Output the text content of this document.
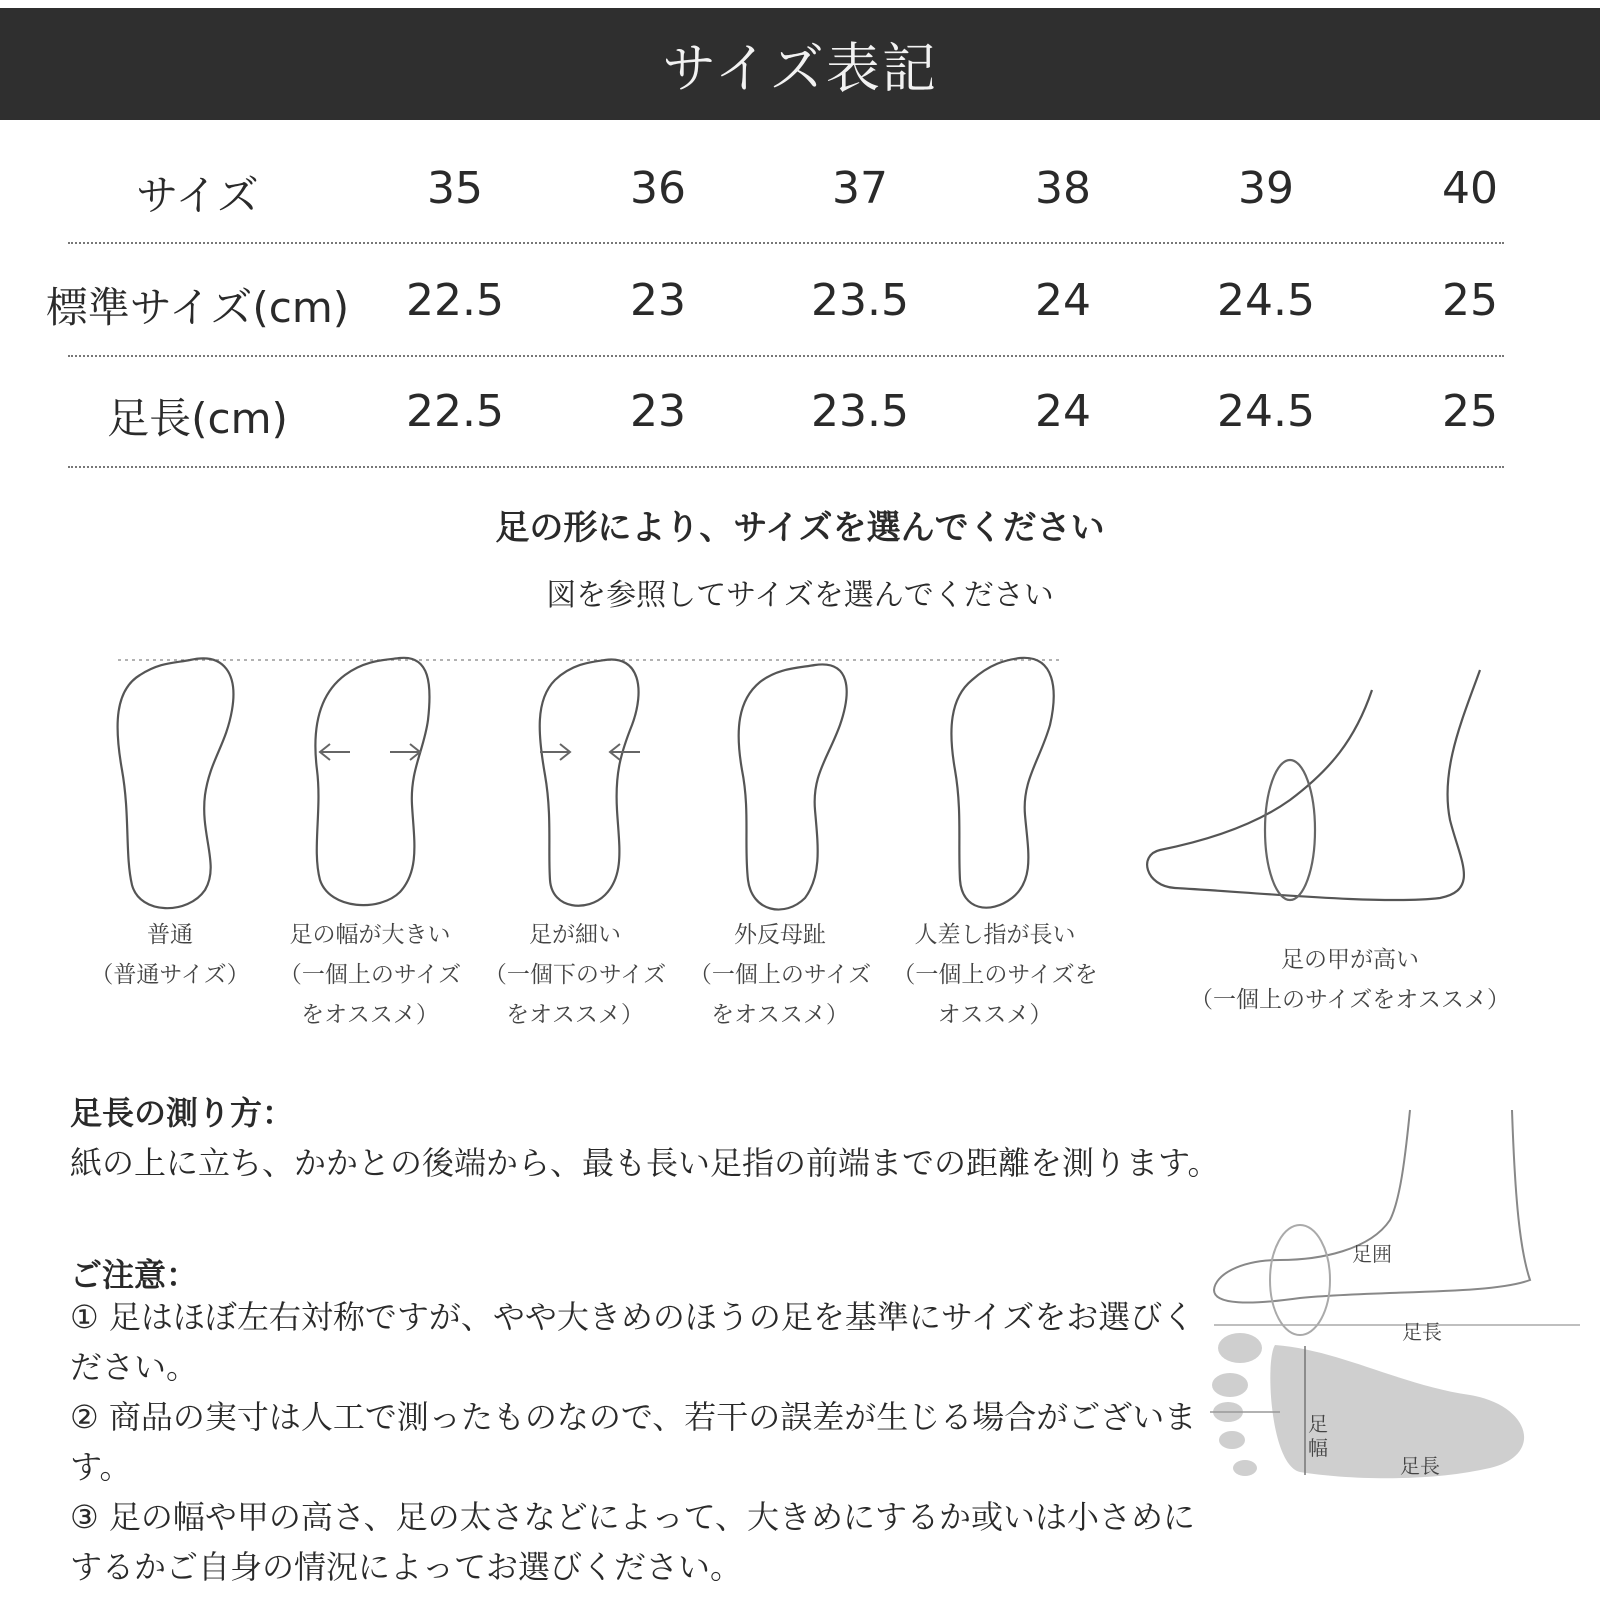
サイズ表記
サイズ	35	36	37	38	39	40
標準サイズ(cm)	22.5	23	23.5	24	24.5	25
足長(cm)	22.5	23	23.5	24	24.5	25
足の形により、サイズを選んでください
図を参照してサイズを選んでください
普通
（普通サイズ）
足の幅が大きい
（一個上のサイズをオススメ）
足が細い
（一個下のサイズをオススメ）
外反母趾
（一個上のサイズをオススメ）
人差し指が長い
（一個上のサイズをオススメ）
足の甲が高い
（一個上のサイズをオススメ）
足長の測り方：
紙の上に立ち、かかとの後端から、最も長い足指の前端までの距離を測ります。
ご注意：
① 足はほぼ左右対称ですが、やや大きめのほうの足を基準にサイズをお選びください。
② 商品の実寸は人工で測ったものなので、若干の誤差が生じる場合がございます。
③ 足の幅や甲の高さ、足の太さなどによって、大きめにするか或いは小さめにするかご自身の情況によってお選びください。
足囲
足長
足幅
足長
